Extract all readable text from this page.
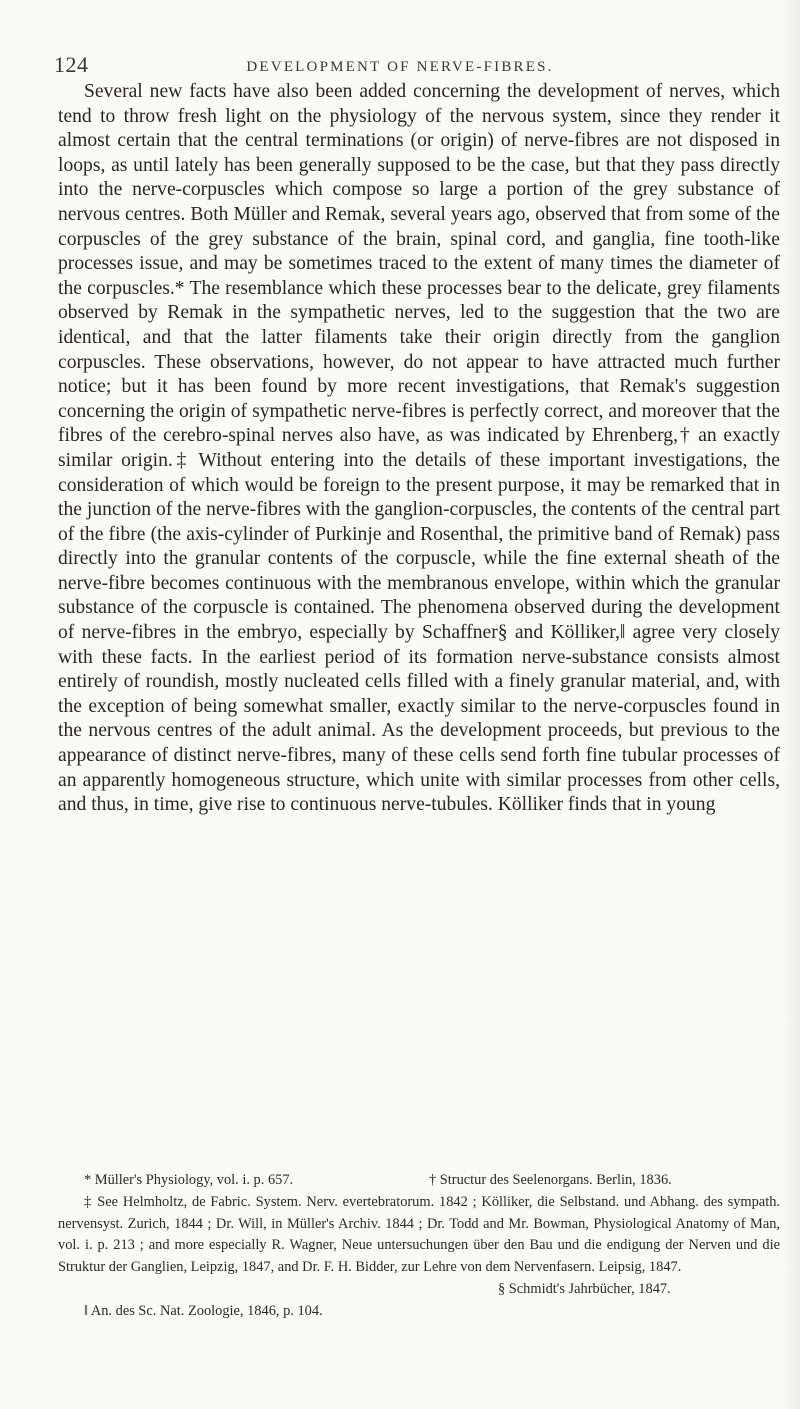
124	DEVELOPMENT OF NERVE-FIBRES.

Several new facts have also been added concerning the development of nerves, which tend to throw fresh light on the physiology of the nervous system, since they render it almost certain that the central terminations (or origin) of nerve-fibres are not disposed in loops, as until lately has been generally supposed to be the case, but that they pass directly into the nerve-corpuscles which compose so large a portion of the grey substance of nervous centres. Both Müller and Remak, several years ago, observed that from some of the corpuscles of the grey substance of the brain, spinal cord, and ganglia, fine tooth-like processes issue, and may be sometimes traced to the extent of many times the diameter of the corpuscles.* The resemblance which these processes bear to the delicate, grey filaments observed by Remak in the sympathetic nerves, led to the suggestion that the two are identical, and that the latter filaments take their origin directly from the ganglion corpuscles. These observations, however, do not appear to have attracted much further notice; but it has been found by more recent investigations, that Remak's suggestion concerning the origin of sympathetic nerve-fibres is perfectly correct, and moreover that the fibres of the cerebro-spinal nerves also have, as was indicated by Ehrenberg,† an exactly similar origin.‡ Without entering into the details of these important investigations, the consideration of which would be foreign to the present purpose, it may be remarked that in the junction of the nerve-fibres with the ganglion-corpuscles, the contents of the central part of the fibre (the axis-cylinder of Purkinje and Rosenthal, the primitive band of Remak) pass directly into the granular contents of the corpuscle, while the fine external sheath of the nerve-fibre becomes continuous with the membranous envelope, within which the granular substance of the corpuscle is contained. The phenomena observed during the development of nerve-fibres in the embryo, especially by Schaffner§ and Kölliker,‖ agree very closely with these facts. In the earliest period of its formation nerve-substance consists almost entirely of roundish, mostly nucleated cells filled with a finely granular material, and, with the exception of being somewhat smaller, exactly similar to the nerve-corpuscles found in the nervous centres of the adult animal. As the development proceeds, but previous to the appearance of distinct nerve-fibres, many of these cells send forth fine tubular processes of an apparently homogeneous structure, which unite with similar processes from other cells, and thus, in time, give rise to continuous nerve-tubules. Kölliker finds that in young

* Müller's Physiology, vol. i. p. 657.	† Structur des Seelenorgans. Berlin, 1836.

‡ See Helmholtz, de Fabric. System. Nerv. evertebratorum. 1842 ; Kölliker, die Selbstand. und Abhang. des sympath. nervensyst. Zurich, 1844 ; Dr. Will, in Müller's Archiv. 1844 ; Dr. Todd and Mr. Bowman, Physiological Anatomy of Man, vol. i. p. 213 ; and more especially R. Wagner, Neue untersuchungen über den Bau und die endigung der Nerven und die Struktur der Ganglien, Leipzig, 1847, and Dr. F. H. Bidder, zur Lehre von dem Nervenfasern. Leipsig, 1847.

§ Schmidt's Jahrbücher, 1847.

‖ An. des Sc. Nat. Zoologie, 1846, p. 104.
